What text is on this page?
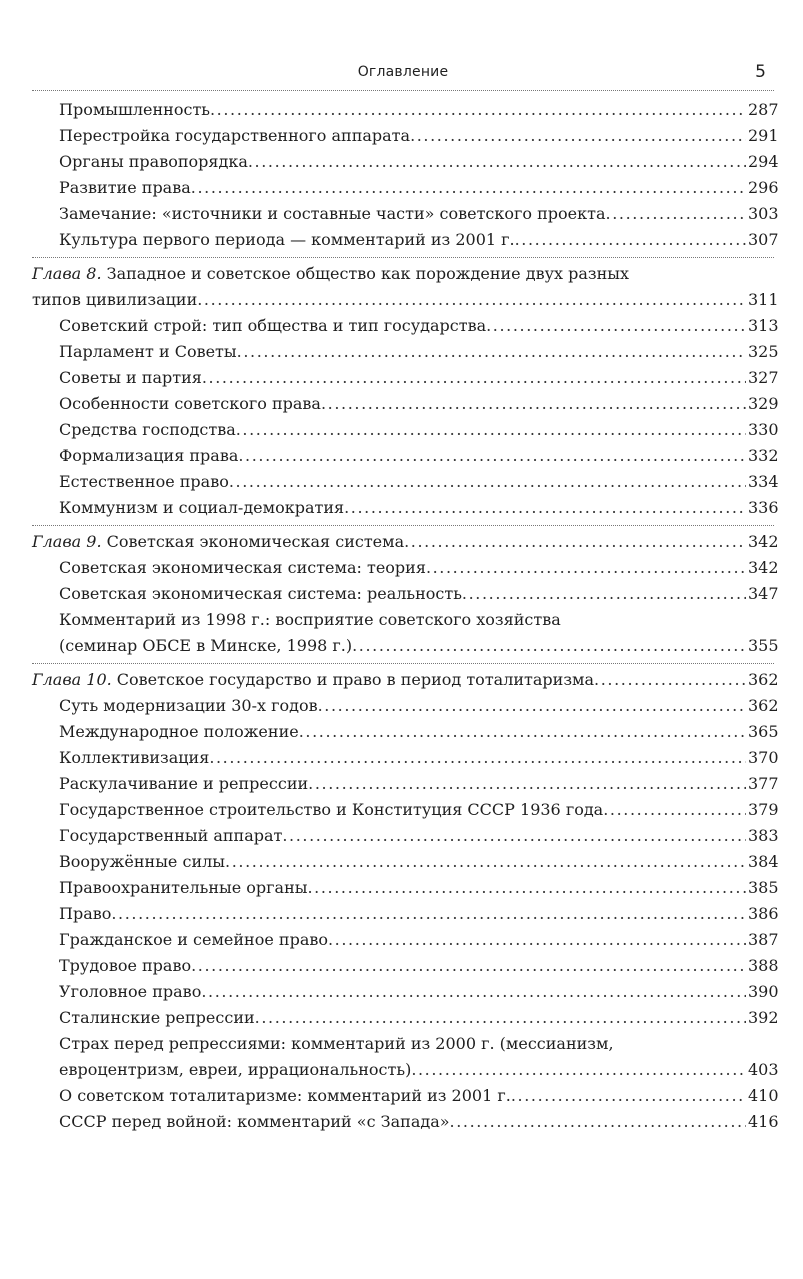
Оглавление	5
Промышленность .....	287
Перестройка государственного аппарата .....	291
Органы правопорядка .....	294
Развитие права .....	296
Замечание: «источники и составные части» советского проекта .....	303
Культура первого периода — комментарий из 2001 г. .....	307
Глава 8. Западное и советское общество как порождение двух разных
типов цивилизации .....	311
Советский строй: тип общества и тип государства .....	313
Парламент и Советы .....	325
Советы и партия .....	327
Особенности советского права .....	329
Средства господства .....	330
Формализация права .....	332
Естественное право .....	334
Коммунизм и социал-демократия .....	336
Глава 9. Советская экономическая система .....	342
Советская экономическая система: теория .....	342
Советская экономическая система: реальность .....	347
Комментарий из 1998 г.: восприятие советского хозяйства
(семинар ОБСЕ в Минске, 1998 г.) .....	355
Глава 10. Советское государство и право в период тоталитаризма .....	362
Суть модернизации 30-х годов .....	362
Международное положение .....	365
Коллективизация .....	370
Раскулачивание и репрессии .....	377
Государственное строительство и Конституция СССР 1936 года .....	379
Государственный аппарат .....	383
Вооружённые силы .....	384
Правоохранительные органы .....	385
Право .....	386
Гражданское и семейное право .....	387
Трудовое право .....	388
Уголовное право .....	390
Сталинские репрессии .....	392
Страх перед репрессиями: комментарий из 2000 г. (мессианизм,
евроцентризм, евреи, иррациональность) .....	403
О советском тоталитаризме: комментарий из 2001 г. .....	410
СССР перед войной: комментарий «с Запада» .....	416
